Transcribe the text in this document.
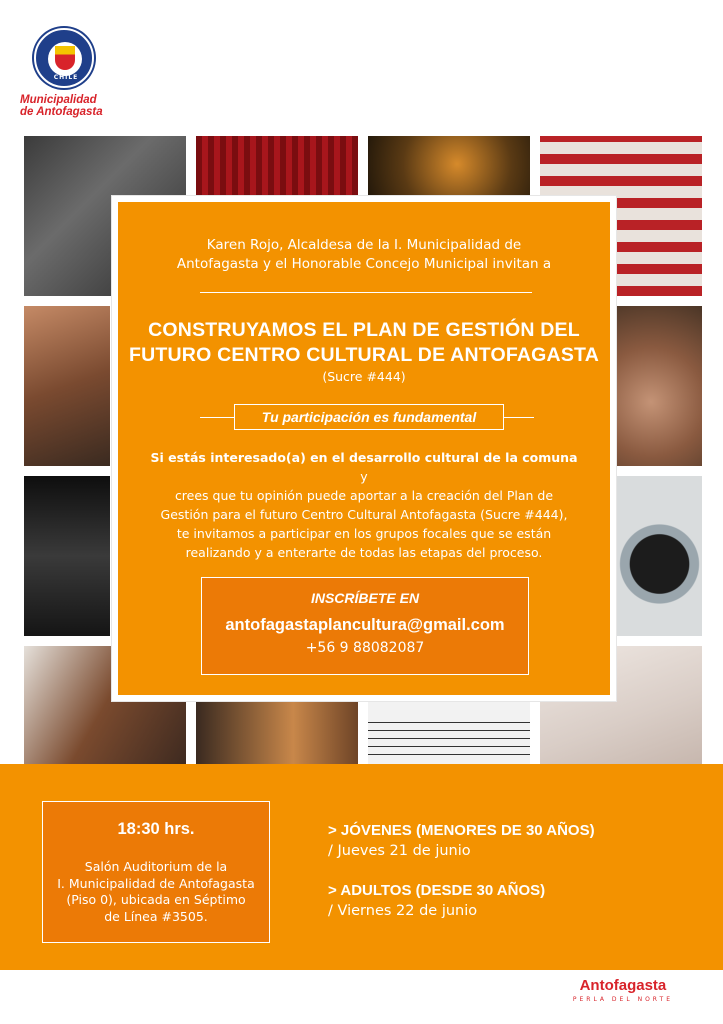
CHILE
Municipalidad
de Antofagasta
Karen Rojo, Alcaldesa de la I. Municipalidad de
Antofagasta y el Honorable Concejo Municipal invitan a
CONSTRUYAMOS EL PLAN DE GESTIÓN DEL
FUTURO CENTRO CULTURAL DE ANTOFAGASTA
(Sucre #444)
Tu participación es fundamental
Si estás interesado(a) en el desarrollo cultural de la comuna y
crees que tu opinión puede aportar a la creación del Plan de
Gestión para el futuro Centro Cultural Antofagasta (Sucre #444),
te invitamos a participar en los grupos focales que se están
realizando y a enterarte de todas las etapas del proceso.
INSCRÍBETE EN
antofagastaplancultura@gmail.com
+56 9 88082087
18:30 hrs.
Salón Auditorium de la
I. Municipalidad de Antofagasta
(Piso 0), ubicada en Séptimo
de Línea #3505.
> JÓVENES (MENORES DE 30 AÑOS)
/ Jueves 21 de junio
> ADULTOS (DESDE 30 AÑOS)
/ Viernes 22 de junio
Antofagasta
PERLA DEL NORTE
